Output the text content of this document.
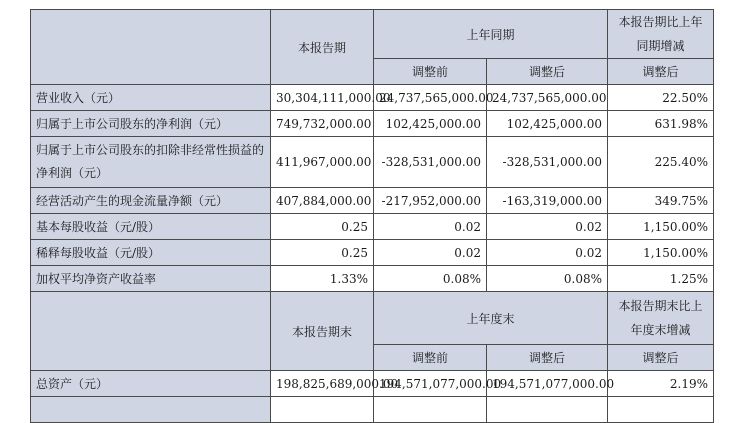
	本报告期	上年同期		本报告期比上年同期增减
		调整前	调整后	调整后
营业收入（元）	30,304,111,000.00	24,737,565,000.00	24,737,565,000.00	22.50%
归属于上市公司股东的净利润（元）	749,732,000.00	102,425,000.00	102,425,000.00	631.98%
归属于上市公司股东的扣除非经常性损益的净利润（元）	411,967,000.00	-328,531,000.00	-328,531,000.00	225.40%
经营活动产生的现金流量净额（元）	407,884,000.00	-217,952,000.00	-163,319,000.00	349.75%
基本每股收益（元/股）	0.25	0.02	0.02	1,150.00%
稀释每股收益（元/股）	0.25	0.02	0.02	1,150.00%
加权平均净资产收益率	1.33%	0.08%	0.08%	1.25%
	本报告期末	上年度末		本报告期末比上年度末增减
		调整前	调整后	调整后
总资产（元）	198,825,689,000.00	194,571,077,000.00	194,571,077,000.00	2.19%
